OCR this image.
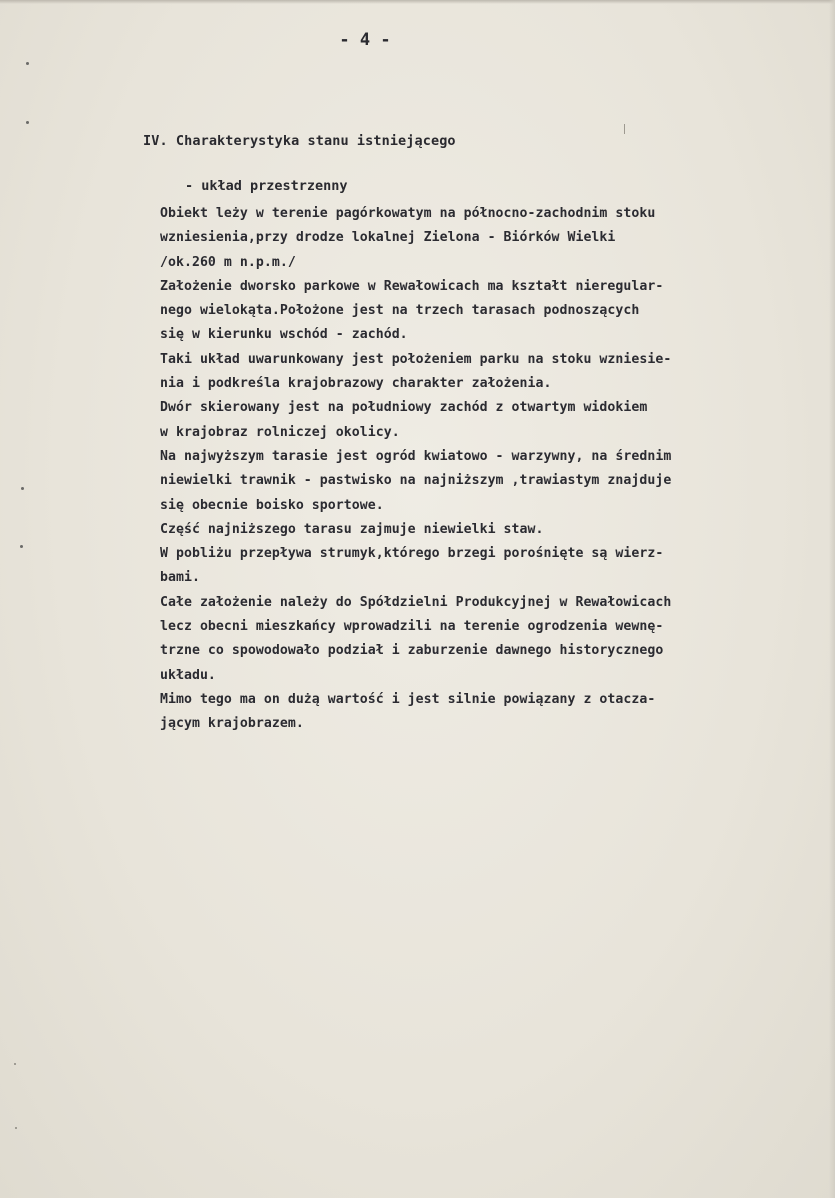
- 4 -
IV. Charakterystyka stanu istniejącego
- układ przestrzenny
Obiekt leży w terenie pagórkowatym na północno-zachodnim stoku
wzniesienia,przy drodze lokalnej Zielona - Biórków Wielki
/ok.260 m n.p.m./
Założenie dworsko parkowe w Rewałowicach ma kształt nieregular-
nego wielokąta.Położone jest na trzech tarasach podnoszących
się w kierunku wschód - zachód.
Taki układ uwarunkowany jest położeniem parku na stoku wzniesie-
nia i podkreśla krajobrazowy charakter założenia.
Dwór skierowany jest na południowy zachód z otwartym widokiem
w krajobraz rolniczej okolicy.
Na najwyższym tarasie jest ogród kwiatowo - warzywny, na średnim
niewielki trawnik - pastwisko na najniższym ,trawiastym znajduje
się obecnie boisko sportowe.
Część najniższego tarasu zajmuje niewielki staw.
W pobliżu przepływa strumyk,którego brzegi porośnięte są wierz-
bami.
Całe założenie należy do Spółdzielni Produkcyjnej w Rewałowicach
lecz obecni mieszkańcy wprowadzili na terenie ogrodzenia wewnę-
trzne co spowodowało podział i zaburzenie dawnego historycznego
układu.
Mimo tego ma on dużą wartość i jest silnie powiązany z otacza-
jącym krajobrazem.
